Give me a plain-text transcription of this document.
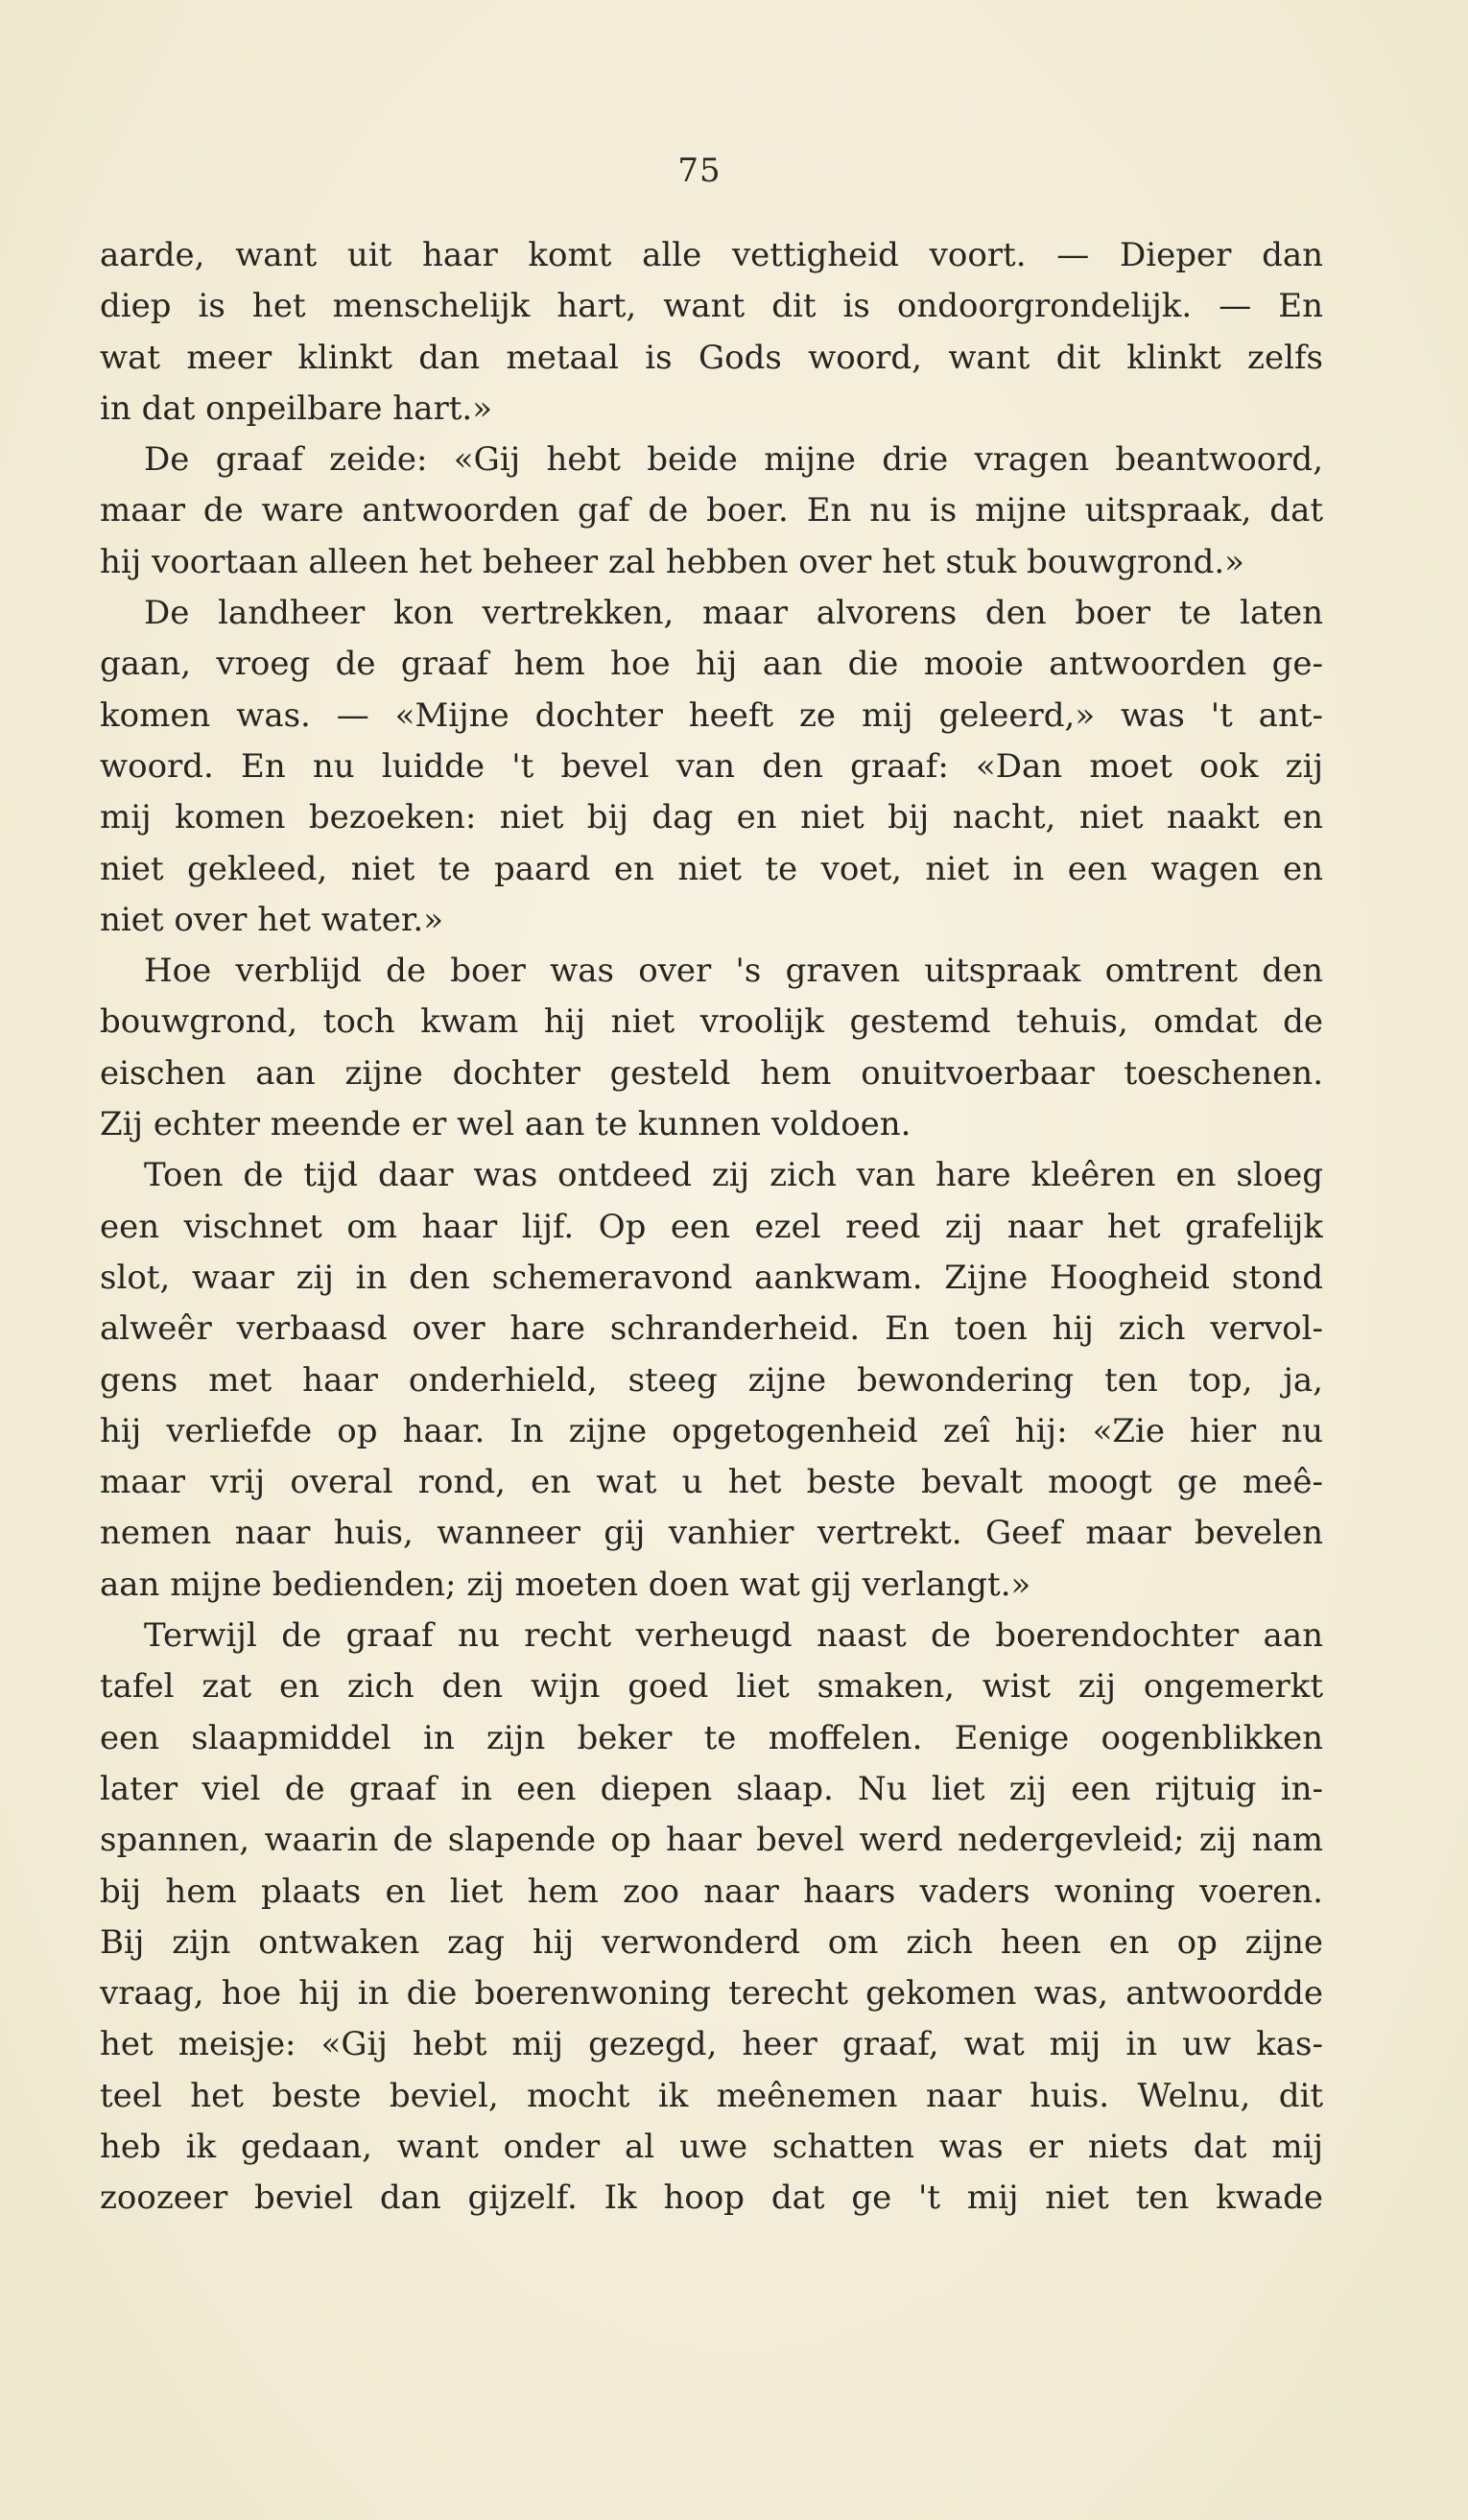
75
aarde, want uit haar komt alle vettigheid voort. — Dieper dan
diep is het menschelijk hart, want dit is ondoorgrondelijk. — En
wat meer klinkt dan metaal is Gods woord, want dit klinkt zelfs
in dat onpeilbare hart.»
De graaf zeide: «Gij hebt beide mijne drie vragen beantwoord,
maar de ware antwoorden gaf de boer. En nu is mijne uitspraak, dat
hij voortaan alleen het beheer zal hebben over het stuk bouwgrond.»
De landheer kon vertrekken, maar alvorens den boer te laten
gaan, vroeg de graaf hem hoe hij aan die mooie antwoorden ge-
komen was. — «Mijne dochter heeft ze mij geleerd,» was 't ant-
woord. En nu luidde 't bevel van den graaf: «Dan moet ook zij
mij komen bezoeken: niet bij dag en niet bij nacht, niet naakt en
niet gekleed, niet te paard en niet te voet, niet in een wagen en
niet over het water.»
Hoe verblijd de boer was over 's graven uitspraak omtrent den
bouwgrond, toch kwam hij niet vroolijk gestemd tehuis, omdat de
eischen aan zijne dochter gesteld hem onuitvoerbaar toeschenen.
Zij echter meende er wel aan te kunnen voldoen.
Toen de tijd daar was ontdeed zij zich van hare kleêren en sloeg
een vischnet om haar lijf. Op een ezel reed zij naar het grafelijk
slot, waar zij in den schemeravond aankwam. Zijne Hoogheid stond
alweêr verbaasd over hare schranderheid. En toen hij zich vervol-
gens met haar onderhield, steeg zijne bewondering ten top, ja,
hij verliefde op haar. In zijne opgetogenheid zeî hij: «Zie hier nu
maar vrij overal rond, en wat u het beste bevalt moogt ge meê-
nemen naar huis, wanneer gij vanhier vertrekt. Geef maar bevelen
aan mijne bedienden; zij moeten doen wat gij verlangt.»
Terwijl de graaf nu recht verheugd naast de boerendochter aan
tafel zat en zich den wijn goed liet smaken, wist zij ongemerkt
een slaapmiddel in zijn beker te moffelen. Eenige oogenblikken
later viel de graaf in een diepen slaap. Nu liet zij een rijtuig in-
spannen, waarin de slapende op haar bevel werd nedergevleid; zij nam
bij hem plaats en liet hem zoo naar haars vaders woning voeren.
Bij zijn ontwaken zag hij verwonderd om zich heen en op zijne
vraag, hoe hij in die boerenwoning terecht gekomen was, antwoordde
het meisje: «Gij hebt mij gezegd, heer graaf, wat mij in uw kas-
teel het beste beviel, mocht ik meênemen naar huis. Welnu, dit
heb ik gedaan, want onder al uwe schatten was er niets dat mij
zoozeer beviel dan gijzelf. Ik hoop dat ge 't mij niet ten kwade
